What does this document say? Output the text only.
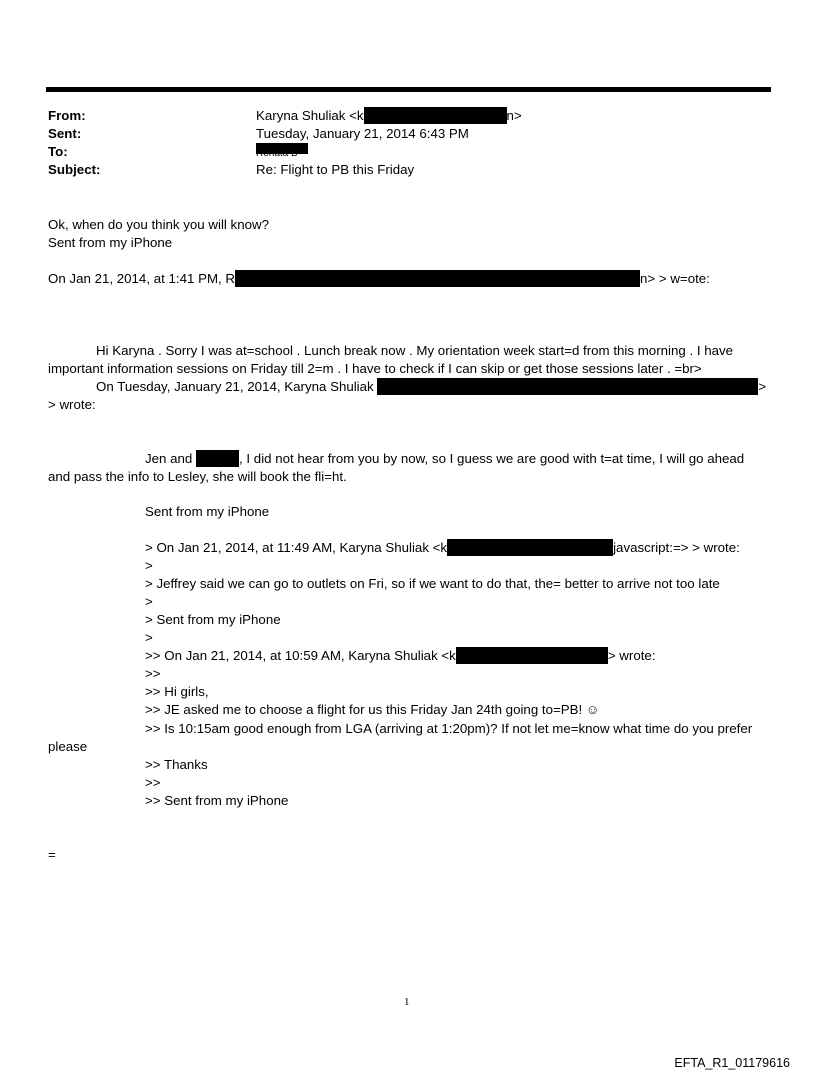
From:	Karyna Shuliak <k	n>
Sent:	Tuesday, January 21, 2014 6:43 PM
To:
Subject:	Re: Flight to PB this Friday
Ok, when do you think you will know?
Sent from my iPhone
On Jan 21, 2014, at 1:41 PM, R	n> > w=ote:
Hi Karyna . Sorry I was at=school . Lunch break now . My orientation week start=d from this morning . I have
important information sessions on Friday till 2=m . I have to check if I can skip or get those sessions later . =br>
On Tuesday, January 21, 2014, Karyna Shuliak	>
> wrote:
Jen and	, I did not hear from you by now, so I guess we are good with t=at time, I will go ahead
and pass the info to Lesley, she will book the fli=ht.
Sent from my iPhone
> On Jan 21, 2014, at 11:49 AM, Karyna Shuliak <k	javascript:=> > wrote:
>
> Jeffrey said we can go to outlets on Fri, so if we want to do that, the= better to arrive not too late
>
> Sent from my iPhone
>
>> On Jan 21, 2014, at 10:59 AM, Karyna Shuliak <k	> wrote:
>>
>> Hi girls,
>> JE asked me to choose a flight for us this Friday Jan 24th going to=PB! ☺
>> Is 10:15am good enough from LGA (arriving at 1:20pm)? If not let me=know what time do you prefer
please
>> Thanks
>>
>> Sent from my iPhone
=
1
EFTA_R1_01179616
